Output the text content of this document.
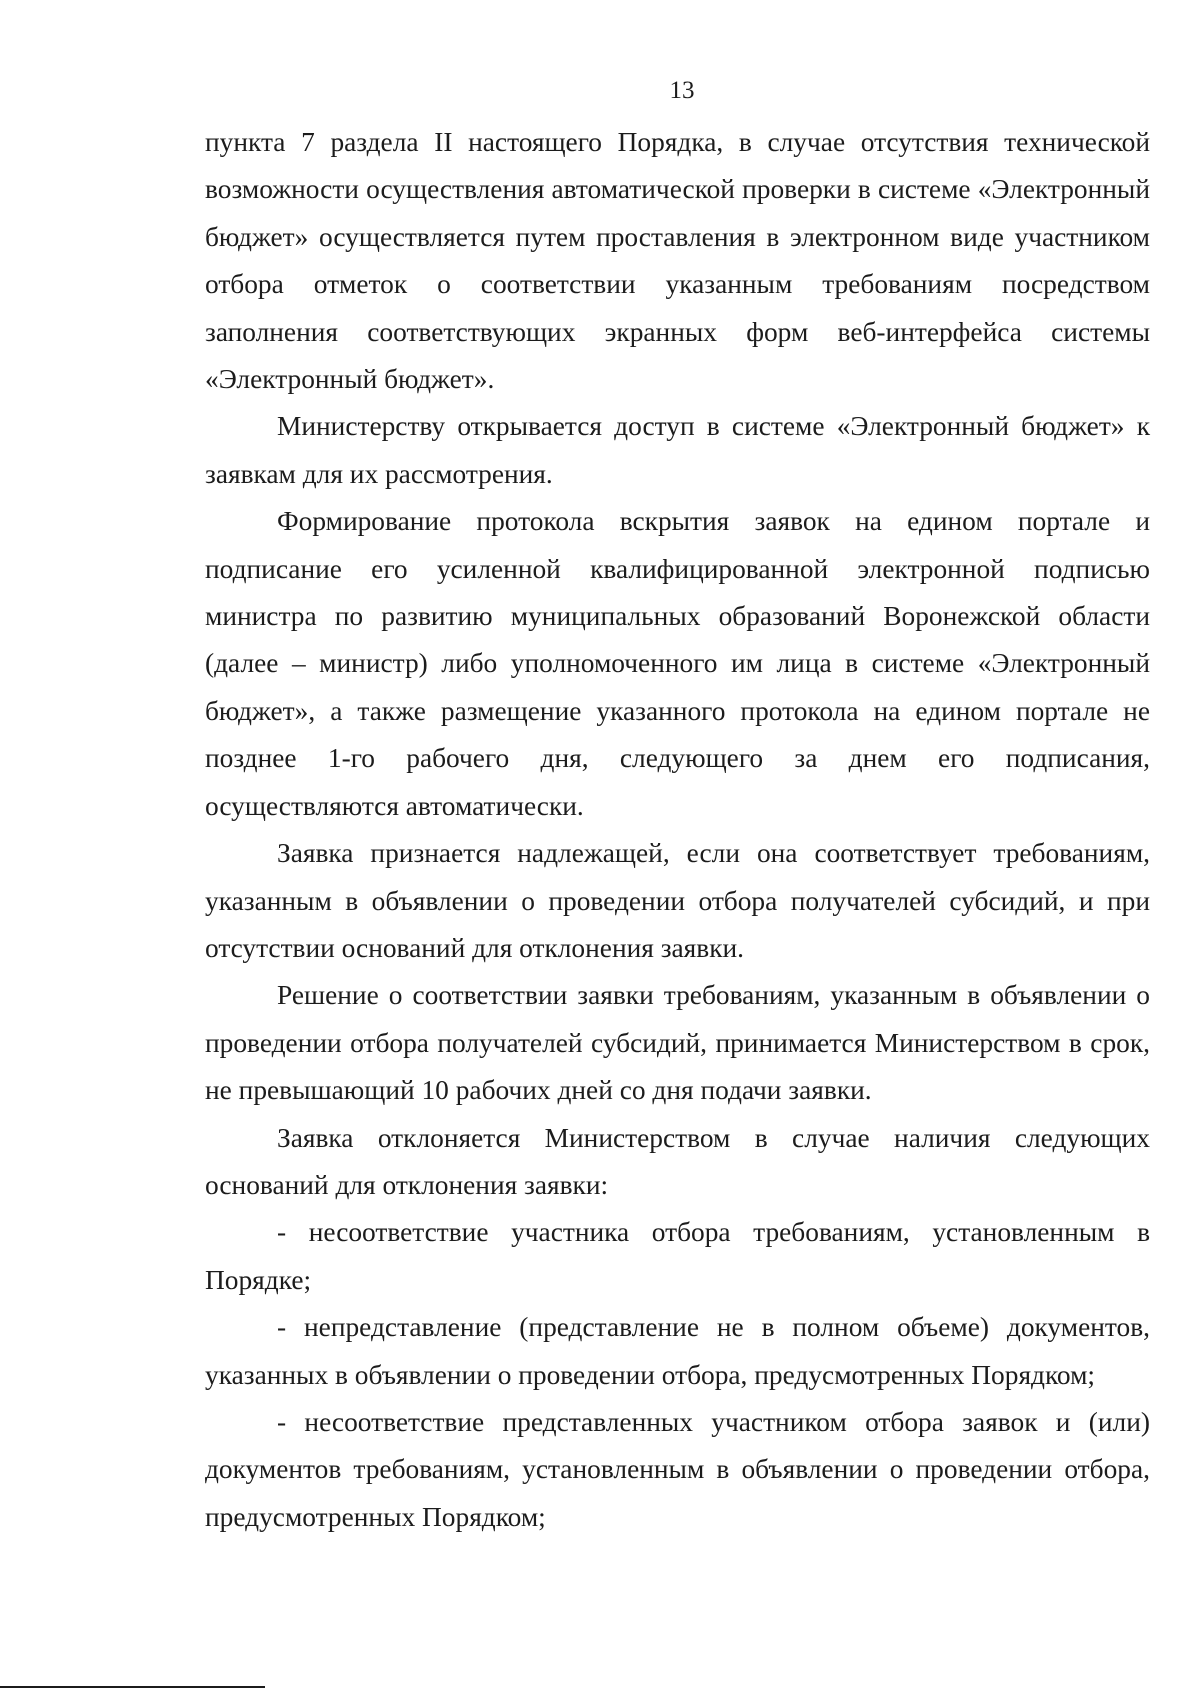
13

пункта 7 раздела II настоящего Порядка, в случае отсутствия технической возможности осуществления автоматической проверки в системе «Электронный бюджет» осуществляется путем проставления в электронном виде участником отбора отметок о соответствии указанным требованиям посредством заполнения соответствующих экранных форм веб-интерфейса системы «Электронный бюджет».

Министерству открывается доступ в системе «Электронный бюджет» к заявкам для их рассмотрения.

Формирование протокола вскрытия заявок на едином портале и подписание его усиленной квалифицированной электронной подписью министра по развитию муниципальных образований Воронежской области (далее – министр) либо уполномоченного им лица в системе «Электронный бюджет», а также размещение указанного протокола на едином портале не позднее 1-го рабочего дня, следующего за днем его подписания, осуществляются автоматически.

Заявка признается надлежащей, если она соответствует требованиям, указанным в объявлении о проведении отбора получателей субсидий, и при отсутствии оснований для отклонения заявки.

Решение о соответствии заявки требованиям, указанным в объявлении о проведении отбора получателей субсидий, принимается Министерством в срок, не превышающий 10 рабочих дней со дня подачи заявки.

Заявка отклоняется Министерством в случае наличия следующих оснований для отклонения заявки:

- несоответствие участника отбора требованиям, установленным в Порядке;

- непредставление (представление не в полном объеме) документов, указанных в объявлении о проведении отбора, предусмотренных Порядком;

- несоответствие представленных участником отбора заявок и (или) документов требованиям, установленным в объявлении о проведении отбора, предусмотренных Порядком;
